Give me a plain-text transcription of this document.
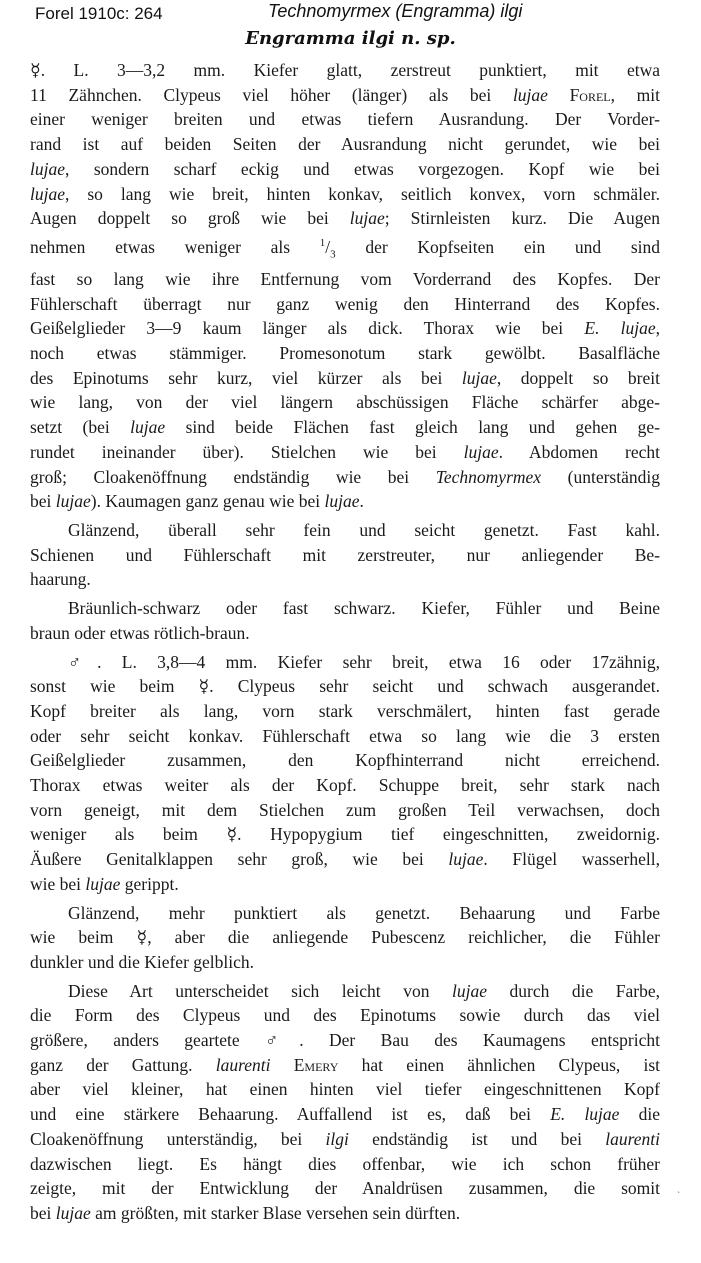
Forel 1910c: 264	Technomyrmex (Engramma) ilgi
Engramma ilgi n. sp.
☿. L. 3—3,2 mm. Kiefer glatt, zerstreut punktiert, mit etwa
11 Zähnchen. Clypeus viel höher (länger) als bei lujae Forel, mit
einer weniger breiten und etwas tiefern Ausrandung. Der Vorder-
rand ist auf beiden Seiten der Ausrandung nicht gerundet, wie bei
lujae, sondern scharf eckig und etwas vorgezogen. Kopf wie bei
lujae, so lang wie breit, hinten konkav, seitlich konvex, vorn schmäler.
Augen doppelt so groß wie bei lujae; Stirnleisten kurz. Die Augen
nehmen etwas weniger als $^1/_3$ der Kopfseiten ein und sind
fast so lang wie ihre Entfernung vom Vorderrand des Kopfes. Der
Fühlerschaft überragt nur ganz wenig den Hinterrand des Kopfes.
Geißelglieder 3—9 kaum länger als dick. Thorax wie bei E. lujae,
noch etwas stämmiger. Promesonotum stark gewölbt. Basalfläche
des Epinotums sehr kurz, viel kürzer als bei lujae, doppelt so breit
wie lang, von der viel längern abschüssigen Fläche schärfer abge-
setzt (bei lujae sind beide Flächen fast gleich lang und gehen ge-
rundet ineinander über). Stielchen wie bei lujae. Abdomen recht
groß; Cloakenöffnung endständig wie bei Technomyrmex (unterständig
bei lujae). Kaumagen ganz genau wie bei lujae.
Glänzend, überall sehr fein und seicht genetzt. Fast kahl.
Schienen und Fühlerschaft mit zerstreuter, nur anliegender Be-
haarung.
Bräunlich-schwarz oder fast schwarz. Kiefer, Fühler und Beine
braun oder etwas rötlich-braun.
♂. L. 3,8—4 mm. Kiefer sehr breit, etwa 16 oder 17zähnig,
sonst wie beim ☿. Clypeus sehr seicht und schwach ausgerandet.
Kopf breiter als lang, vorn stark verschmälert, hinten fast gerade
oder sehr seicht konkav. Fühlerschaft etwa so lang wie die 3 ersten
Geißelglieder zusammen, den Kopfhinterrand nicht erreichend.
Thorax etwas weiter als der Kopf. Schuppe breit, sehr stark nach
vorn geneigt, mit dem Stielchen zum großen Teil verwachsen, doch
weniger als beim ☿. Hypopygium tief eingeschnitten, zweidornig.
Äußere Genitalklappen sehr groß, wie bei lujae. Flügel wasserhell,
wie bei lujae gerippt.
Glänzend, mehr punktiert als genetzt. Behaarung und Farbe
wie beim ☿, aber die anliegende Pubescenz reichlicher, die Fühler
dunkler und die Kiefer gelblich.
Diese Art unterscheidet sich leicht von lujae durch die Farbe,
die Form des Clypeus und des Epinotums sowie durch das viel
größere, anders geartete ♂. Der Bau des Kaumagens entspricht
ganz der Gattung. laurenti Emery hat einen ähnlichen Clypeus, ist
aber viel kleiner, hat einen hinten viel tiefer eingeschnittenen Kopf
und eine stärkere Behaarung. Auffallend ist es, daß bei E. lujae die
Cloakenöffnung unterständig, bei ilgi endständig ist und bei laurenti
dazwischen liegt. Es hängt dies offenbar, wie ich schon früher
zeigte, mit der Entwicklung der Analdrüsen zusammen, die somit
bei lujae am größten, mit starker Blase versehen sein dürften.
ˋ
